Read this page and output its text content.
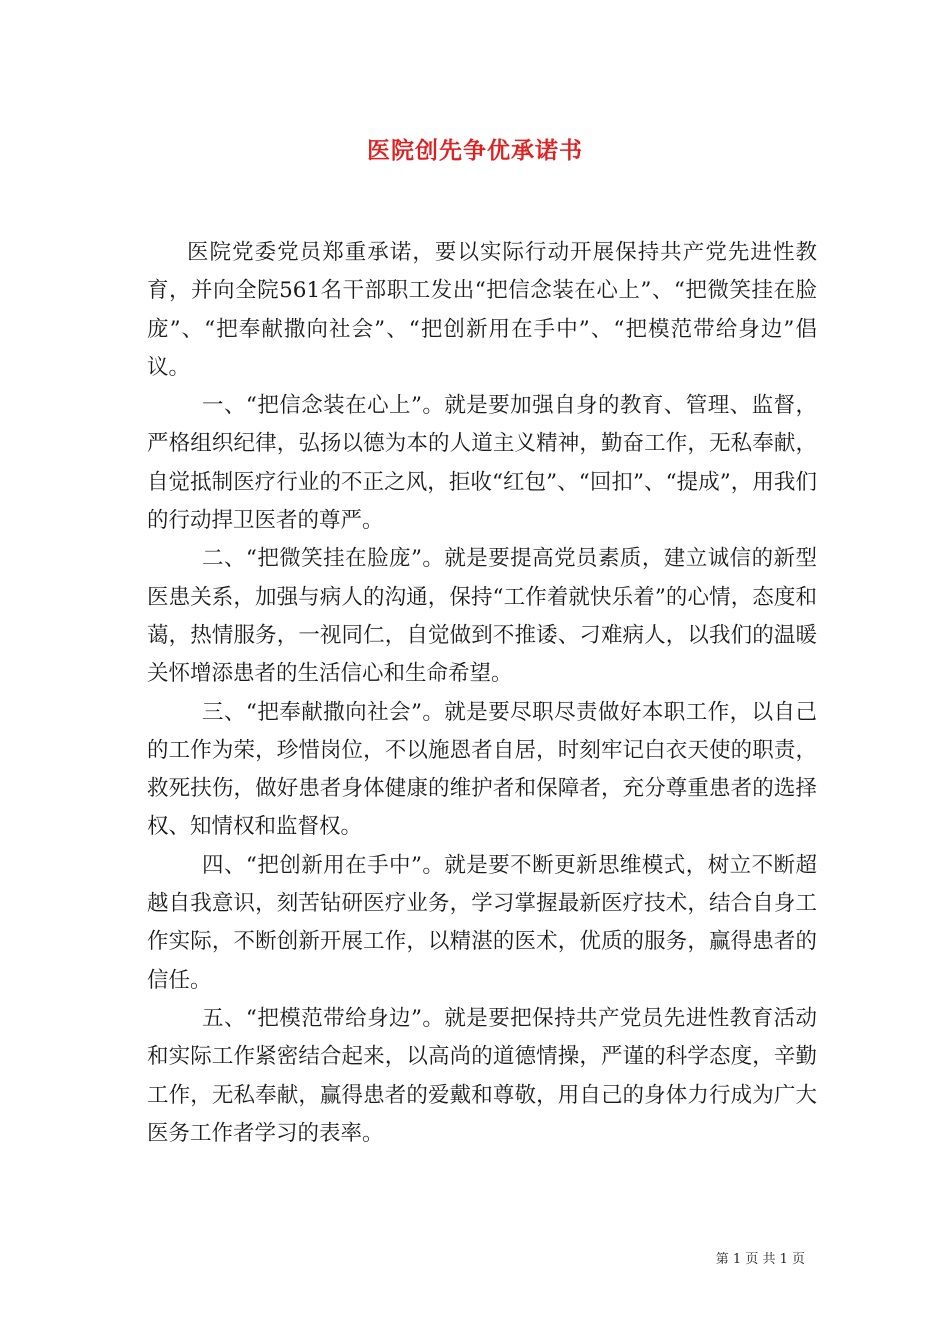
医院创先争优承诺书

医院党委党员郑重承诺，要以实际行动开展保持共产党先进性教育，并向全院561名干部职工发出“把信念装在心上”、“把微笑挂在脸庞”、“把奉献撒向社会”、“把创新用在手中”、“把模范带给身边”倡议。

一、“把信念装在心上”。就是要加强自身的教育、管理、监督，严格组织纪律，弘扬以德为本的人道主义精神，勤奋工作，无私奉献，自觉抵制医疗行业的不正之风，拒收“红包”、“回扣”、“提成”，用我们的行动捍卫医者的尊严。

二、“把微笑挂在脸庞”。就是要提高党员素质，建立诚信的新型医患关系，加强与病人的沟通，保持“工作着就快乐着”的心情，态度和蔼，热情服务，一视同仁，自觉做到不推诿、刁难病人，以我们的温暖关怀增添患者的生活信心和生命希望。

三、“把奉献撒向社会”。就是要尽职尽责做好本职工作，以自己的工作为荣，珍惜岗位，不以施恩者自居，时刻牢记白衣天使的职责，救死扶伤，做好患者身体健康的维护者和保障者，充分尊重患者的选择权、知情权和监督权。

四、“把创新用在手中”。就是要不断更新思维模式，树立不断超越自我意识，刻苦钻研医疗业务，学习掌握最新医疗技术，结合自身工作实际，不断创新开展工作，以精湛的医术，优质的服务，赢得患者的信任。

五、“把模范带给身边”。就是要把保持共产党员先进性教育活动和实际工作紧密结合起来，以高尚的道德情操，严谨的科学态度，辛勤工作，无私奉献，赢得患者的爱戴和尊敬，用自己的身体力行成为广大医务工作者学习的表率。

第 1 页 共 1 页
